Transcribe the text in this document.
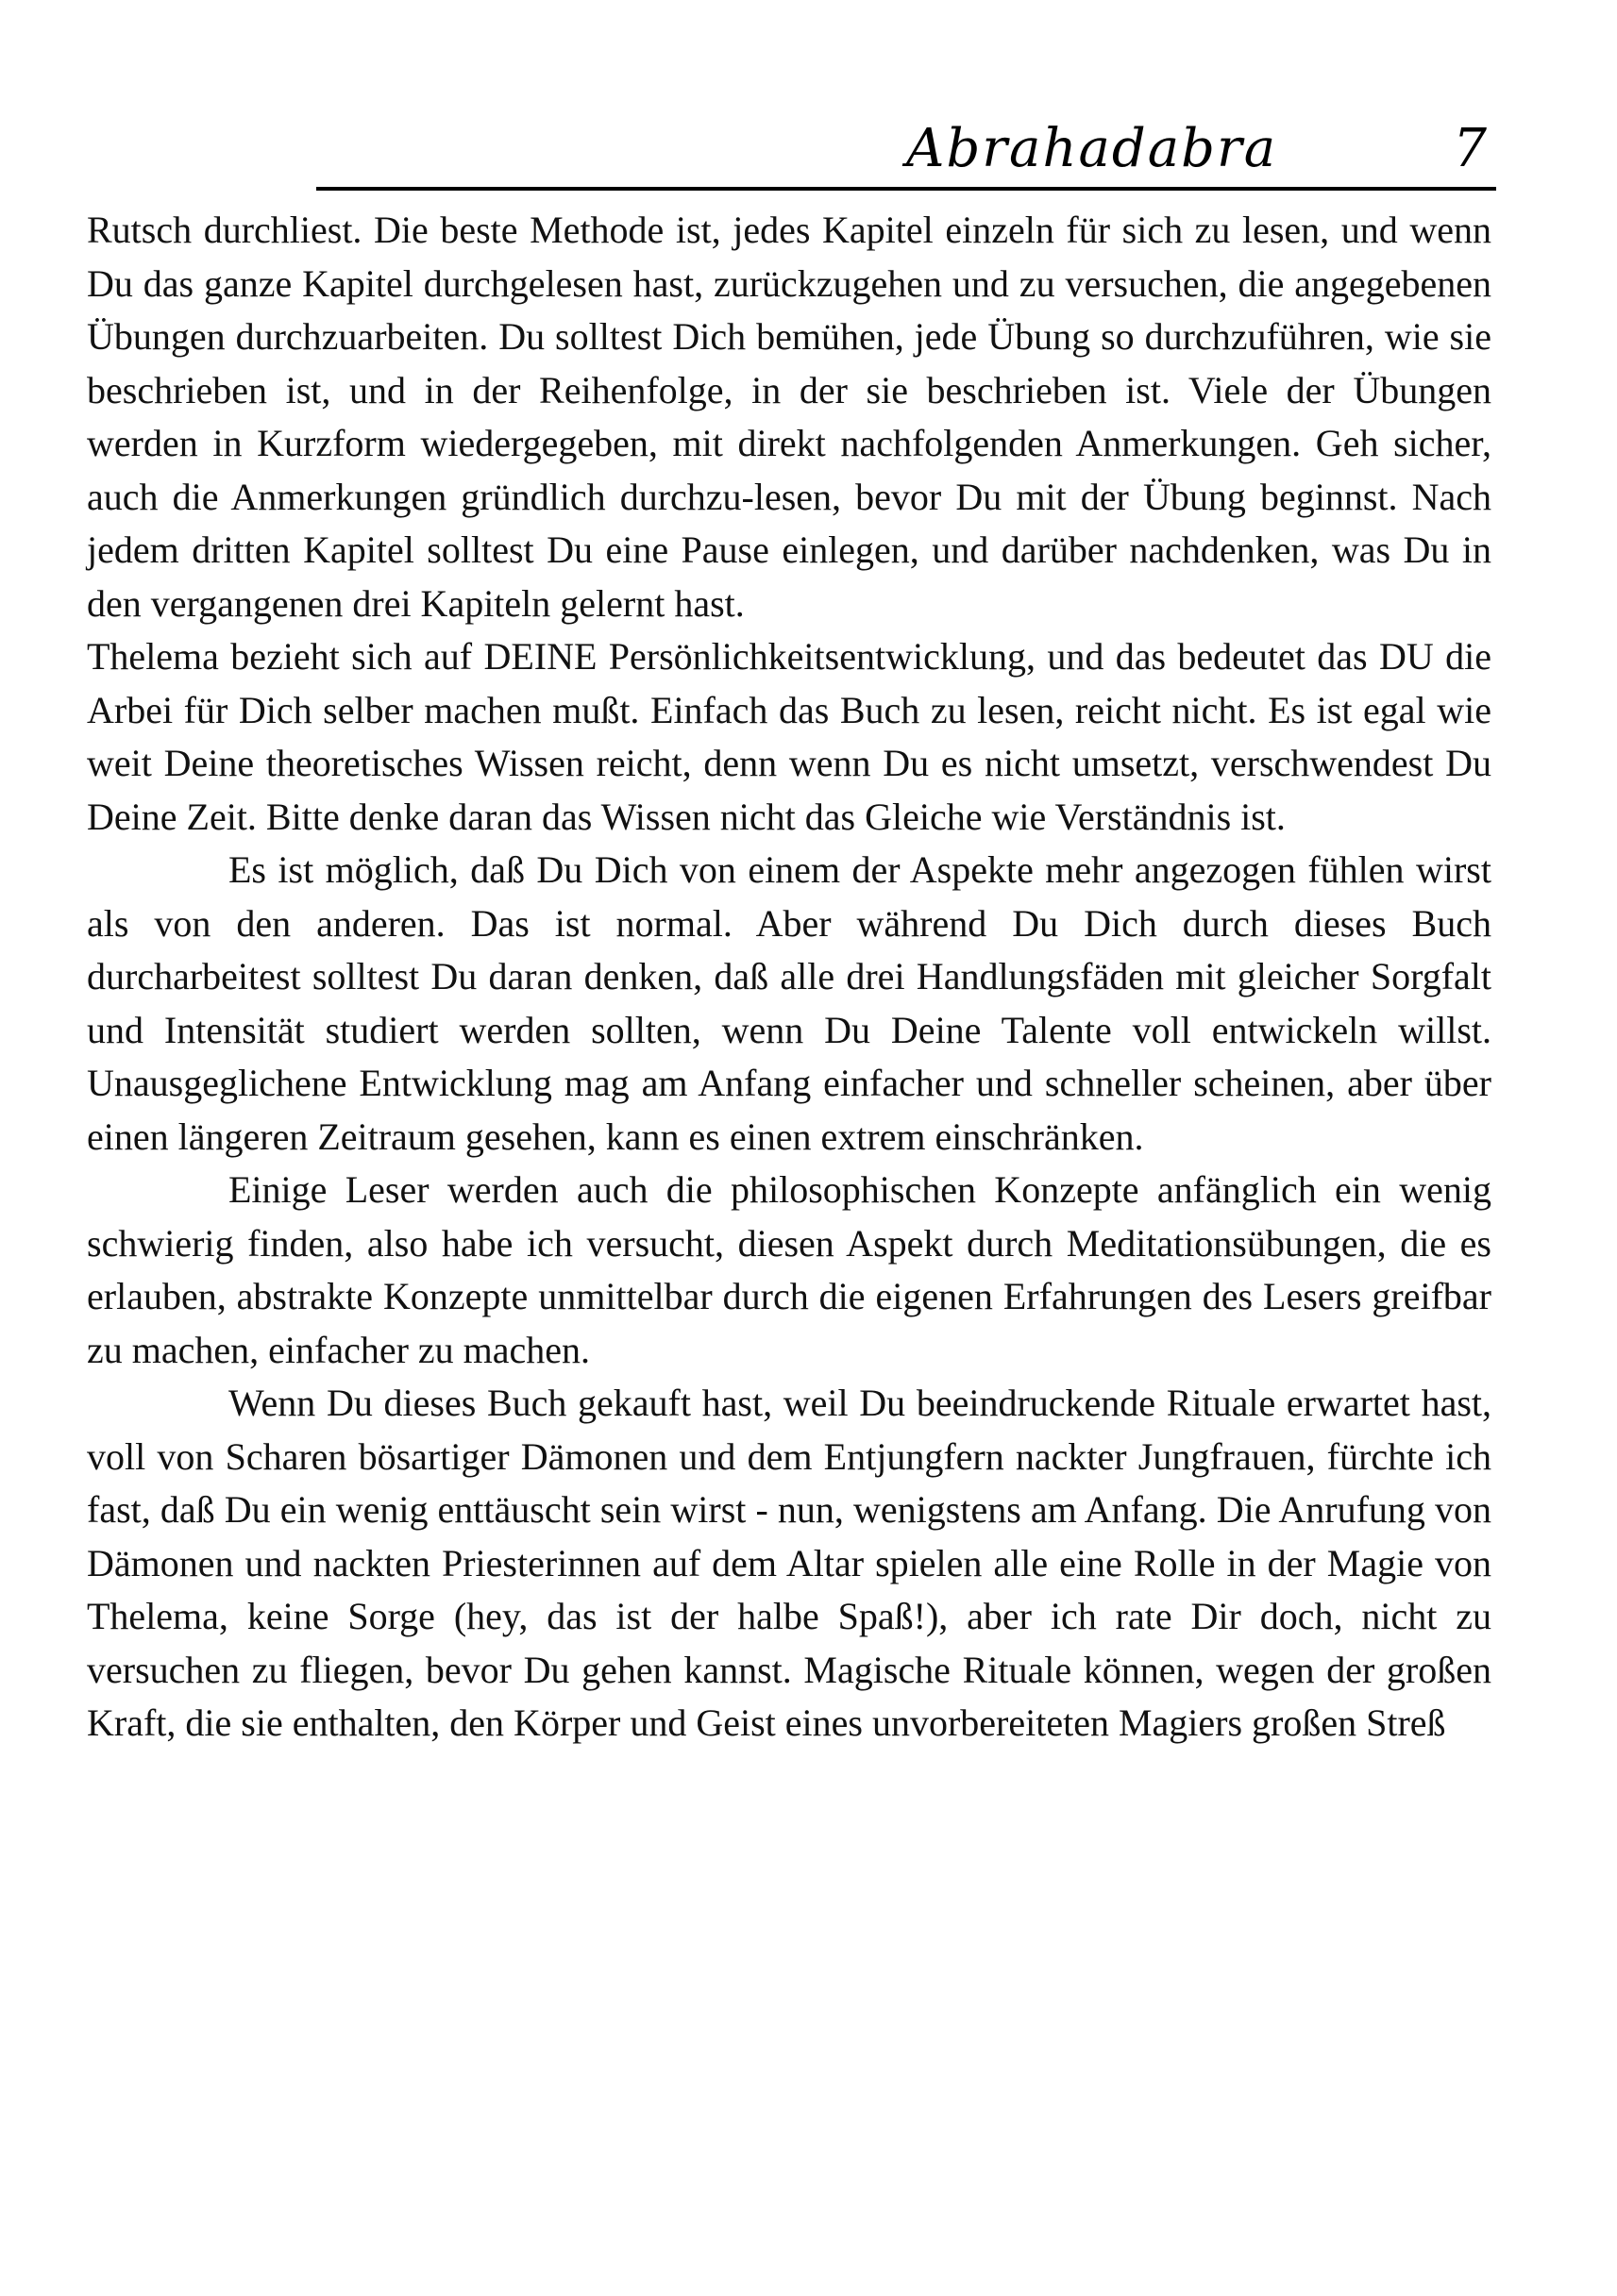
Abrahadabra	7

Rutsch durchliest. Die beste Methode ist, jedes Kapitel einzeln für sich zu lesen, und wenn Du das ganze Kapitel durchgelesen hast, zurückzugehen und zu versuchen, die angegebenen Übungen durchzuarbeiten. Du solltest Dich bemühen, jede Übung so durchzuführen, wie sie beschrieben ist, und in der Reihenfolge, in der sie beschrieben ist. Viele der Übungen werden in Kurzform wiedergegeben, mit direkt nachfolgenden Anmerkungen. Geh sicher, auch die Anmerkungen gründlich durchzu-lesen, bevor Du mit der Übung beginnst. Nach jedem dritten Kapitel solltest Du eine Pause einlegen, und darüber nachdenken, was Du in den vergangenen drei Kapiteln gelernt hast.

Thelema bezieht sich auf DEINE Persönlichkeitsentwicklung, und das bedeutet das DU die Arbei für Dich selber machen mußt. Einfach das Buch zu lesen, reicht nicht. Es ist egal wie weit Deine theoretisches Wissen reicht, denn wenn Du es nicht umsetzt, verschwendest Du Deine Zeit. Bitte denke daran das Wissen nicht das Gleiche wie Verständnis ist.

Es ist möglich, daß Du Dich von einem der Aspekte mehr angezogen fühlen wirst als von den anderen. Das ist normal. Aber während Du Dich durch dieses Buch durcharbeitest solltest Du daran denken, daß alle drei Handlungsfäden mit gleicher Sorgfalt und Intensität studiert werden sollten, wenn Du Deine Talente voll entwickeln willst. Unausgeglichene Entwicklung mag am Anfang einfacher und schneller scheinen, aber über einen längeren Zeitraum gesehen, kann es einen extrem einschränken.

Einige Leser werden auch die philosophischen Konzepte anfänglich ein wenig schwierig finden, also habe ich versucht, diesen Aspekt durch Meditationsübungen, die es erlauben, abstrakte Konzepte unmittelbar durch die eigenen Erfahrungen des Lesers greifbar zu machen, einfacher zu machen.

Wenn Du dieses Buch gekauft hast, weil Du beeindruckende Rituale erwartet hast, voll von Scharen bösartiger Dämonen und dem Entjungfern nackter Jungfrauen, fürchte ich fast, daß Du ein wenig enttäuscht sein wirst - nun, wenigstens am Anfang. Die Anrufung von Dämonen und nackten Priesterinnen auf dem Altar spielen alle eine Rolle in der Magie von Thelema, keine Sorge (hey, das ist der halbe Spaß!), aber ich rate Dir doch, nicht zu versuchen zu fliegen, bevor Du gehen kannst. Magische Rituale können, wegen der großen Kraft, die sie enthalten, den Körper und Geist eines unvorbereiteten Magiers großen Streß
